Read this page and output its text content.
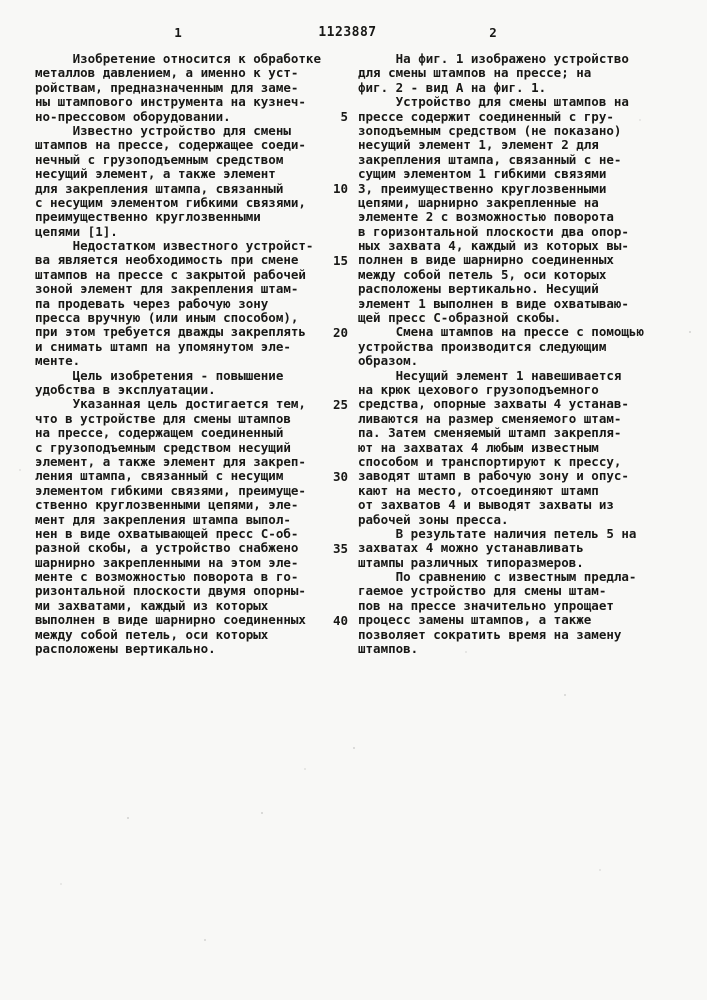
1	1123887	2
Изобретение относится к обработке
металлов давлением, а именно к уст-
ройствам, предназначенным для заме-
ны штампового инструмента на кузнеч-
но-прессовом оборудовании.
Известно устройство для смены
штампов на прессе, содержащее соеди-
нечный с грузоподъемным средством
несущий элемент, а также элемент
для закрепления штампа, связанный
с несущим элементом гибкими связями,
преимущественно круглозвенными
цепями [1].
Недостатком известного устройст-
ва является необходимость при смене
штампов на прессе с закрытой рабочей
зоной элемент для закрепления штам-
па продевать через рабочую зону
пресса вручную (или иным способом),
при этом требуется дважды закреплять
и снимать штамп на упомянутом эле-
менте.
Цель изобретения - повышение
удобства в эксплуатации.
Указанная цель достигается тем,
что в устройстве для смены штампов
на прессе, содержащем соединенный
с грузоподъемным средством несущий
элемент, а также элемент для закреп-
ления штампа, связанный с несущим
элементом гибкими связями, преимуще-
ственно круглозвенными цепями, эле-
мент для закрепления штампа выпол-
нен в виде охватывающей пресс С-об-
разной скобы, а устройство снабжено
шарнирно закрепленными на этом эле-
менте с возможностью поворота в го-
ризонтальной плоскости двумя опорны-
ми захватами, каждый из которых
выполнен в виде шарнирно соединенных
между собой петель, оси которых
расположены вертикально.
5
10
15
20
25
30
35
40
На фиг. 1 изображено устройство
для смены штампов на прессе; на
фиг. 2 - вид А на фиг. 1.
Устройство для смены штампов на
прессе содержит соединенный с гру-
зоподъемным средством (не показано)
несущий элемент 1, элемент 2 для
закрепления штампа, связанный с не-
сущим элементом 1 гибкими связями
3, преимущественно круглозвенными
цепями, шарнирно закрепленные на
элементе 2 с возможностью поворота
в горизонтальной плоскости два опор-
ных захвата 4, каждый из которых вы-
полнен в виде шарнирно соединенных
между собой петель 5, оси которых
расположены вертикально. Несущий
элемент 1 выполнен в виде охватываю-
щей пресс С-образной скобы.
Смена штампов на прессе с помощью
устройства производится следующим
образом.
Несущий элемент 1 навешивается
на крюк цехового грузоподъемного
средства, опорные захваты 4 устанав-
ливаются на размер сменяемого штам-
па. Затем сменяемый штамп закрепля-
ют на захватах 4 любым известным
способом и транспортируют к прессу,
заводят штамп в рабочую зону и опус-
кают на место, отсоединяют штамп
от захватов 4 и выводят захваты из
рабочей зоны пресса.
В результате наличия петель 5 на
захватах 4 можно устанавливать
штампы различных типоразмеров.
По сравнению с известным предла-
гаемое устройство для смены штам-
пов на прессе значительно упрощает
процесс замены штампов, а также
позволяет сократить время на замену
штампов.
